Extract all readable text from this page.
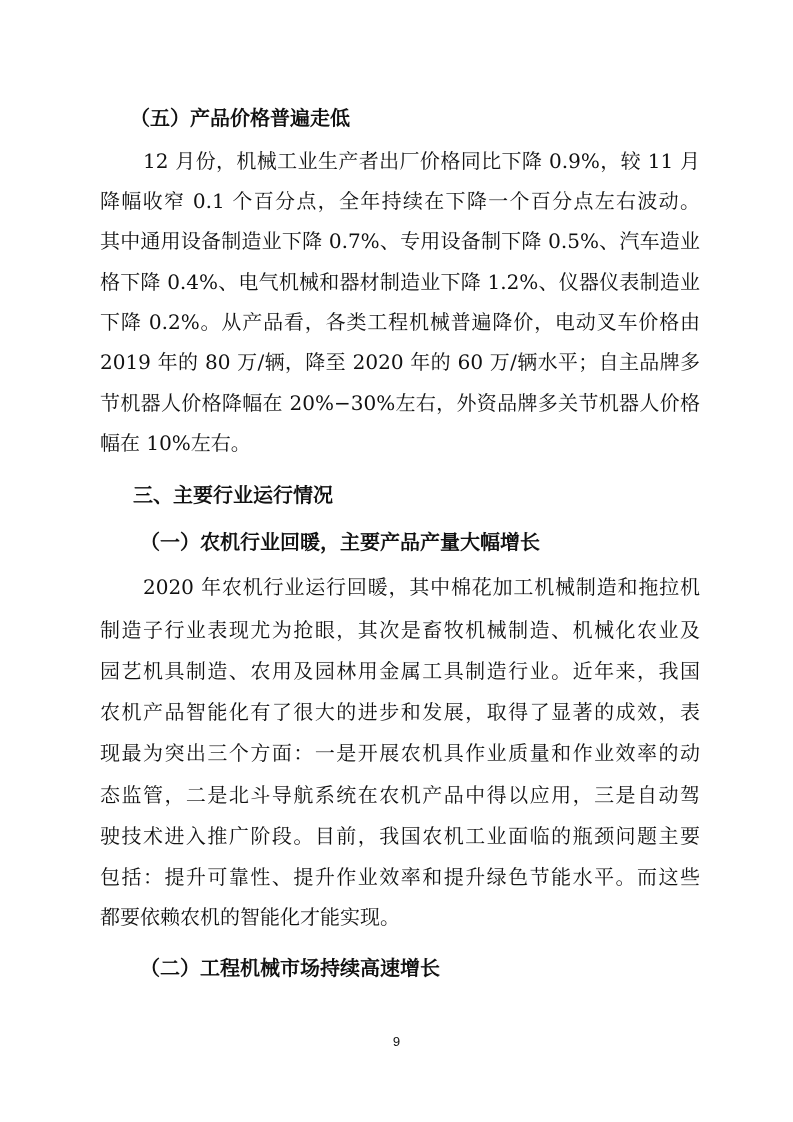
（五）产品价格普遍走低
12 月份，机械工业生产者出厂价格同比下降 0.9%，较 11 月
降幅收窄 0.1 个百分点，全年持续在下降一个百分点左右波动。
其中通用设备制造业下降 0.7%、专用设备制下降 0.5%、汽车造业
格下降 0.4%、电气机械和器材制造业下降 1.2%、仪器仪表制造业
下降 0.2%。从产品看，各类工程机械普遍降价，电动叉车价格由
2019 年的 80 万/辆，降至 2020 年的 60 万/辆水平；自主品牌多
节机器人价格降幅在 20%−30%左右，外资品牌多关节机器人价格
幅在 10%左右。
三、主要行业运行情况
（一）农机行业回暖，主要产品产量大幅增长
2020 年农机行业运行回暖，其中棉花加工机械制造和拖拉机
制造子行业表现尤为抢眼，其次是畜牧机械制造、机械化农业及
园艺机具制造、农用及园林用金属工具制造行业。近年来，我国
农机产品智能化有了很大的进步和发展，取得了显著的成效，表
现最为突出三个方面：一是开展农机具作业质量和作业效率的动
态监管，二是北斗导航系统在农机产品中得以应用，三是自动驾
驶技术进入推广阶段。目前，我国农机工业面临的瓶颈问题主要
包括：提升可靠性、提升作业效率和提升绿色节能水平。而这些
都要依赖农机的智能化才能实现。
（二）工程机械市场持续高速增长
9
